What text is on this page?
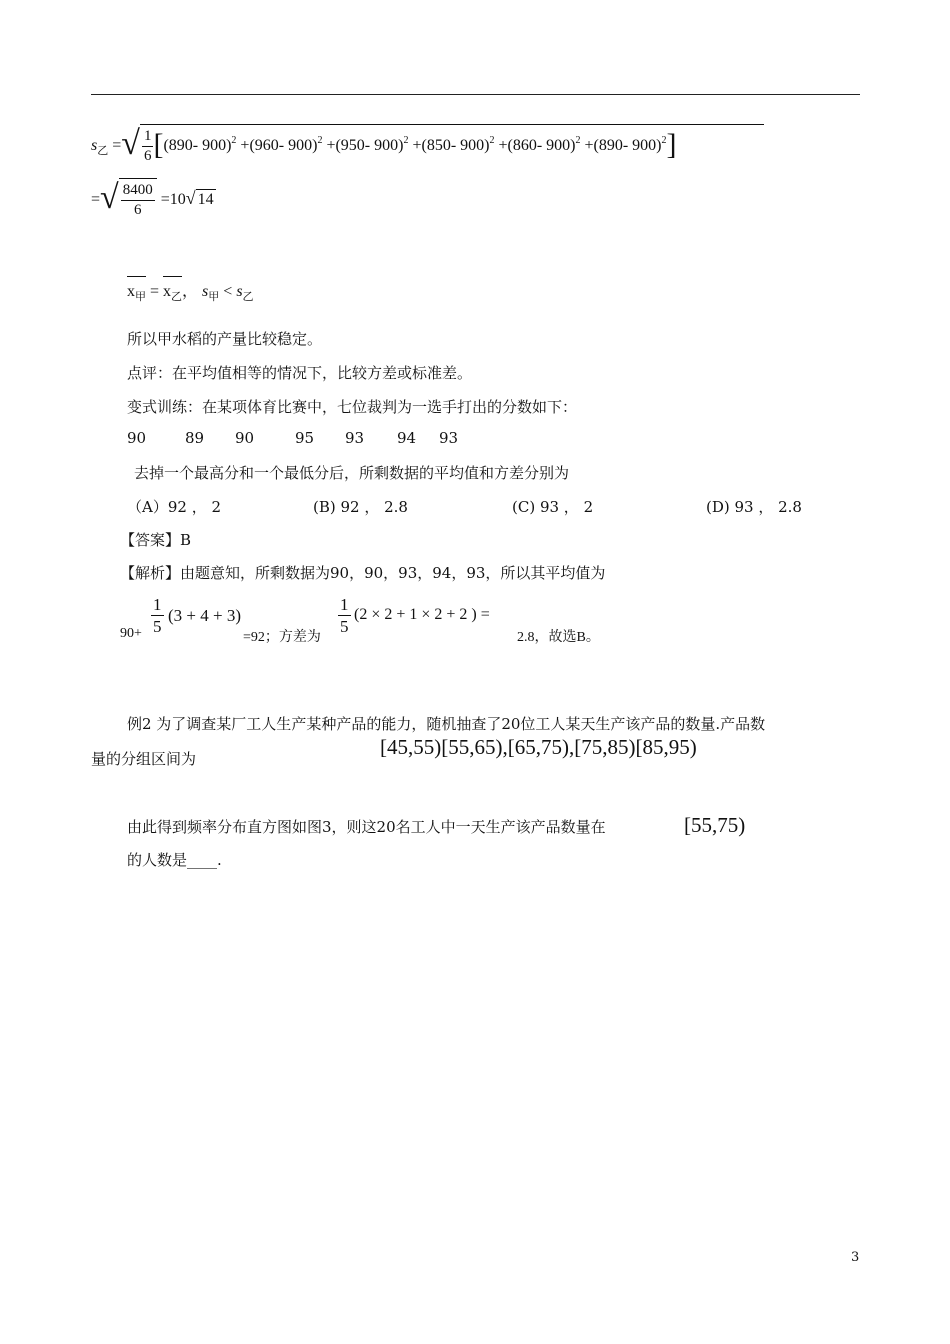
$s_乙$ =√ $\frac{1}{6} [(890-$ 900)$^2$ +(960- 900)$^2$ +(950- 900)$^2$ +(850- 900)$^2$ +(860- 900)$^2$ +(890- 900)$^2$]
=√ $\frac{8400}{6} =10√$ 14
$x_甲 = x_乙$， $s_甲 < s_乙$
所以甲水稻的产量比较稳定。
点评：在平均值相等的情况下，比较方差或标准差。
变式训练：在某项体育比赛中，七位裁判为一选手打出的分数如下：
90	89 90	95 93 94 93
去掉一个最高分和一个最低分后，所剩数据的平均值和方差分别为
（A）92 ， 2	(B) 92 ， 2.8	(C) 93 ， 2	(D) 93 ， 2.8
【答案】B
【解析】由题意知，所剩数据为90，90，93，94，93，所以其平均值为
$90+ \frac{1}{5} (3 + 4 + 3)$
=92；方差为
$\frac{1}{5} (2 \times 2 + 1 \times 2 + 2$ ) =
2.8，故选B。
例2 为了调查某厂工人生产某种产品的能力，随机抽查了20位工人某天生产该产品的数量.产品数
量的分组区间为	[45,55)[55,65),[65,75),[75,85)[85,95)
由此得到频率分布直方图如图3，则这20名工人中一天生产该产品数量在	[55,75)
的人数是____.
3
